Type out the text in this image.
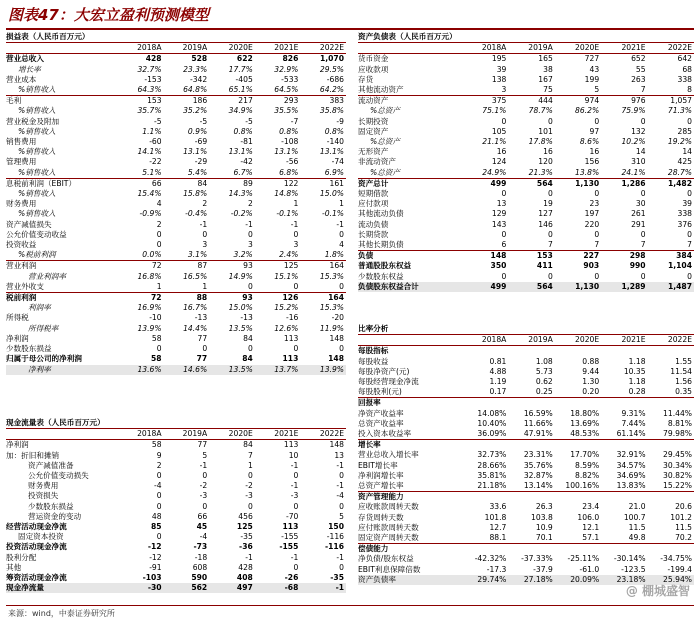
图表47：大宏立盈利预测模型
损益表（人民币百万元）					
	2018A	2019A	2020E	2021E	2022E
营业总收入	428	528	622	826	1,070
增长率	32.7%	23.3%	17.7%	32.9%	29.5%
营业成本	-153	-342	-405	-533	-686
%销售收入	64.3%	64.8%	65.1%	64.5%	64.2%
毛利	153	186	217	293	383
%销售收入	35.7%	35.2%	34.9%	35.5%	35.8%
营业税金及附加	-5	-5	-5	-7	-9
%销售收入	1.1%	0.9%	0.8%	0.8%	0.8%
销售费用	-60	-69	-81	-108	-140
%销售收入	14.1%	13.1%	13.1%	13.1%	13.1%
管理费用	-22	-29	-42	-56	-74
%销售收入	5.1%	5.4%	6.7%	6.8%	6.9%
息税前利润（EBIT）	66	84	89	122	161
%销售收入	15.4%	15.8%	14.3%	14.8%	15.0%
财务费用	4	2	2	1	1
%销售收入	-0.9%	-0.4%	-0.2%	-0.1%	-0.1%
资产减值损失	2	-1	-1	-1	-1
公允价值变动收益	0	0	0	0	0
投资收益	0	3	3	3	4
%税前利润	0.0%	3.1%	3.2%	2.4%	1.8%
营业利润	72	87	93	125	164
营业利润率	16.8%	16.5%	14.9%	15.1%	15.3%
营业外收支	1	1	0	0	0
税前利润	72	88	93	126	164
利润率	16.9%	16.7%	15.0%	15.2%	15.3%
所得税	-10	-13	-13	-16	-20
所得税率	13.9%	14.4%	13.5%	12.6%	11.9%
净利润	58	77	84	113	148
少数股东损益	0	0	0	0	0
归属于母公司的净利润	58	77	84	113	148
净利率	13.6%	14.6%	13.5%	13.7%	13.9%
现金流量表（人民币百万元）					
	2018A	2019A	2020E	2021E	2022E
净利润	58	77	84	113	148
加：折旧和摊销	9	5	7	10	13
资产减值准备	2	-1	1	-1	-1
公允价值变动损失	0	0	0	0	0
财务费用	-4	-2	-2	-1	-1
投资损失	0	-3	-3	-3	-4
少数股东损益	0	0	0	0	0
营运资金的变动	48	66	456	-70	5
经营活动现金净流	85	45	125	113	150
固定资本投资	0	-4	-35	-155	-116
投资活动现金净流	-12	-73	-36	-155	-116
股利分配	-12	-18	-1	-1	-1
其他	-91	608	428	0	0
筹资活动现金净流	-103	590	408	-26	-35
现金净流量	-30	562	497	-68	-1
资产负债表（人民币百万元）					
	2018A	2019A	2020E	2021E	2022E
货币资金	195	165	727	652	642
应收款项	39	38	43	55	68
存货	138	167	199	263	338
其他流动资产	3	75	5	7	8
流动资产	375	444	974	976	1,057
%总资产	75.1%	78.7%	86.2%	75.9%	71.3%
长期投资	0	0	0	0	0
固定资产	105	101	97	132	285
%总资产	21.1%	17.8%	8.6%	10.2%	19.2%
无形资产	16	16	16	14	14
非流动资产	124	120	156	310	425
%总资产	24.9%	21.3%	13.8%	24.1%	28.7%
资产总计	499	564	1,130	1,286	1,482
短期借款	0	0	0	0	0
应付款项	13	19	23	30	39
其他流动负债	129	127	197	261	338
流动负债	143	146	220	291	376
长期贷款	0	0	0	0	0
其他长期负债	6	7	7	7	7
负债	148	153	227	298	384
普通股股东权益	350	411	903	990	1,104
少数股东权益	0	0	0	0	0
负债股东权益合计	499	564	1,130	1,289	1,487
比率分析					
	2018A	2019A	2020E	2021E	2022E
每股指标					
每股收益	0.81	1.08	0.88	1.18	1.55
每股净资产(元)	4.88	5.73	9.44	10.35	11.54
每股经营现金净流	1.19	0.62	1.30	1.18	1.56
每股股利(元)	0.17	0.25	0.20	0.28	0.35
回报率					
净资产收益率	14.08%	16.59%	18.80%	9.31%	11.44%
总资产收益率	10.40%	11.66%	13.69%	7.44%	8.81%
投入资本收益率	36.09%	47.91%	48.53%	61.14%	79.98%
增长率					
营业总收入增长率	32.73%	23.31%	17.70%	32.91%	29.45%
EBIT增长率	28.66%	35.76%	8.59%	34.57%	30.34%
净利润增长率	35.81%	32.87%	8.82%	34.69%	30.82%
总资产增长率	21.18%	13.14%	100.16%	13.83%	15.22%
资产管理能力					
应收账款周转天数	33.6	26.3	23.4	21.0	20.6
存货周转天数	101.8	103.8	106.0	100.7	101.2
应付账款周转天数	12.7	10.9	12.1	11.5	11.5
固定资产周转天数	88.1	70.1	57.1	49.8	70.2
偿债能力					
净负债/股东权益	-42.32%	-37.33%	-25.11%	-30.14%	-34.75%
EBIT利息保障倍数	-17.3	-37.9	-61.0	-123.5	-199.4
资产负债率	29.74%	27.18%	20.09%	23.18%	25.94%
来源：wind，中泰证券研究所
@ 棚城盛智
